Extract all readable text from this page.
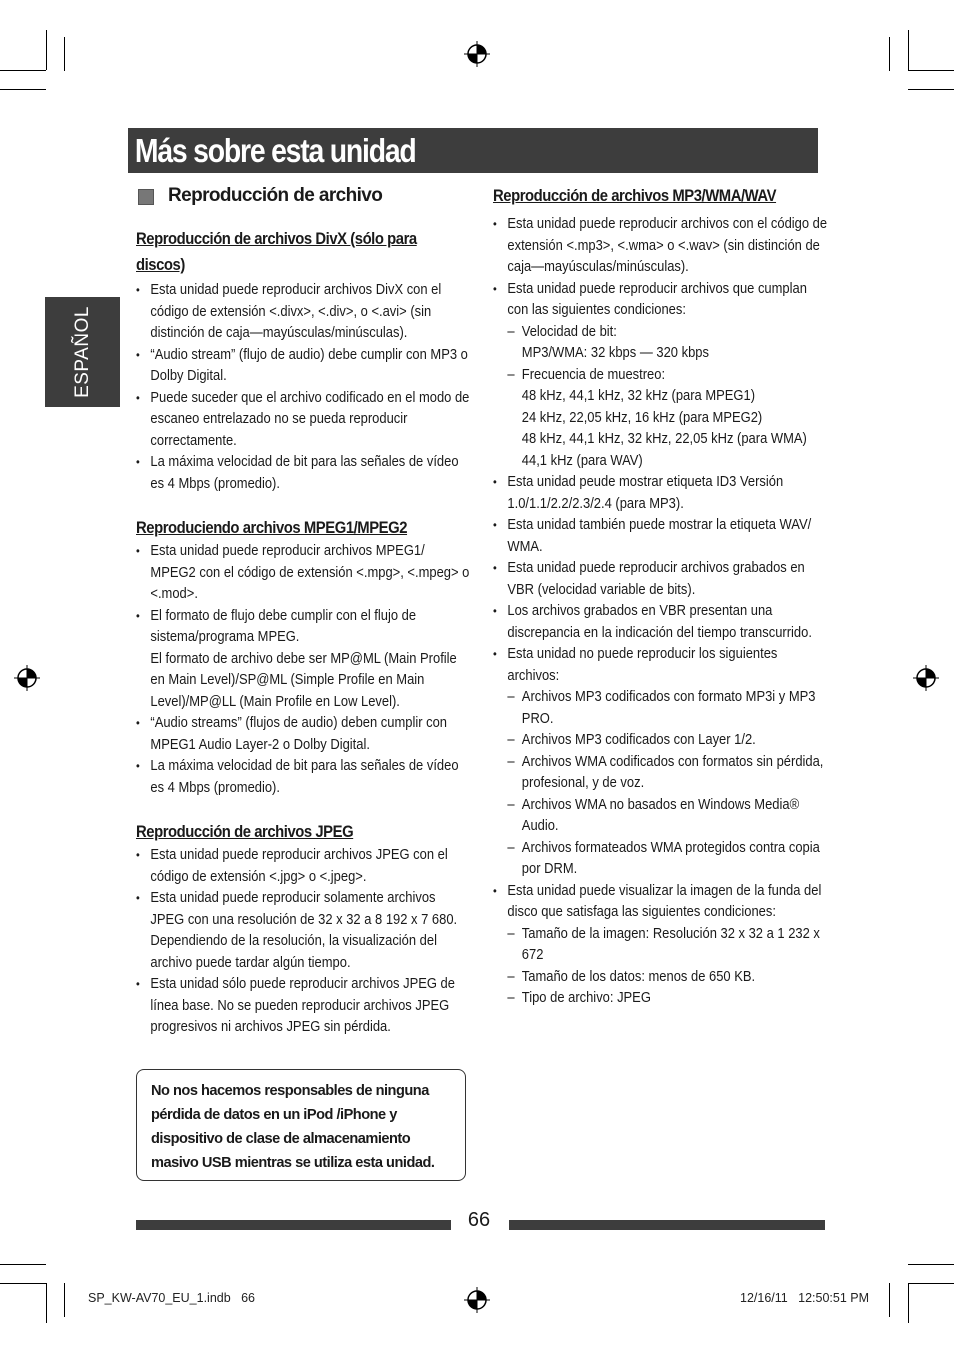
Más sobre esta unidad
ESPAÑOL
Reproducción de archivo

Reproducción de archivos DivX (sólo para
discos)

• Esta unidad puede reproducir archivos DivX con el código de extensión <.divx>, <.div>, o <.avi> (sin distinción de caja—mayúsculas/minúsculas).
• “Audio stream” (flujo de audio) debe cumplir con MP3 o Dolby Digital.
• Puede suceder que el archivo codificado en el modo de escaneo entrelazado no se pueda reproducir correctamente.
• La máxima velocidad de bit para las señales de vídeo es 4 Mbps (promedio).

Reproduciendo archivos MPEG1/MPEG2

• Esta unidad puede reproducir archivos MPEG1/ MPEG2 con el código de extensión <.mpg>, <.mpeg> o <.mod>.
• El formato de flujo debe cumplir con el flujo de sistema/programa MPEG.
El formato de archivo debe ser MP@ML (Main Profile en Main Level)/SP@ML (Simple Profile en Main Level)/MP@LL (Main Profile en Low Level).
• “Audio streams” (flujos de audio) deben cumplir con MPEG1 Audio Layer-2 o Dolby Digital.
• La máxima velocidad de bit para las señales de vídeo es 4 Mbps (promedio).

Reproducción de archivos JPEG

• Esta unidad puede reproducir archivos JPEG con el código de extensión <.jpg> o <.jpeg>.
• Esta unidad puede reproducir solamente archivos JPEG con una resolución de 32 x 32 a 8 192 x 7 680. Dependiendo de la resolución, la visualización del archivo puede tardar algún tiempo.
• Esta unidad sólo puede reproducir archivos JPEG de línea base. No se pueden reproducir archivos JPEG progresivos ni archivos JPEG sin pérdida.
No nos hacemos responsables de ninguna
pérdida de datos en un iPod /iPhone y
dispositivo de clase de almacenamiento
masivo USB mientras se utiliza esta unidad.

Reproducción de archivos MP3/WMA/WAV

• Esta unidad puede reproducir archivos con el código de extensión <.mp3>, <.wma> o <.wav> (sin distinción de caja—mayúsculas/minúsculas).
• Esta unidad puede reproducir archivos que cumplan con las siguientes condiciones:
– Velocidad de bit:
MP3/WMA: 32 kbps — 320 kbps
– Frecuencia de muestreo:
48 kHz, 44,1 kHz, 32 kHz (para MPEG1)
24 kHz, 22,05 kHz, 16 kHz (para MPEG2)
48 kHz, 44,1 kHz, 32 kHz, 22,05 kHz (para WMA)
44,1 kHz (para WAV)
• Esta unidad peude mostrar etiqueta ID3 Versión 1.0/1.1/2.2/2.3/2.4 (para MP3).
• Esta unidad también puede mostrar la etiqueta WAV/ WMA.
• Esta unidad puede reproducir archivos grabados en VBR (velocidad variable de bits).
• Los archivos grabados en VBR presentan una discrepancia en la indicación del tiempo transcurrido.
• Esta unidad no puede reproducir los siguientes archivos:
– Archivos MP3 codificados con formato MP3i y MP3 PRO.
– Archivos MP3 codificados con Layer 1/2.
– Archivos WMA codificados con formatos sin pérdida, profesional, y de voz.
– Archivos WMA no basados en Windows Media® Audio.
– Archivos formateados WMA protegidos contra copia por DRM.
• Esta unidad puede visualizar la imagen de la funda del disco que satisfaga las siguientes condiciones:
– Tamaño de la imagen: Resolución 32 x 32 a 1 232 x 672
– Tamaño de los datos: menos de 650 KB.
– Tipo de archivo: JPEG
66
SP_KW-AV70_EU_1.indb   66	12/16/11   12:50:51 PM
